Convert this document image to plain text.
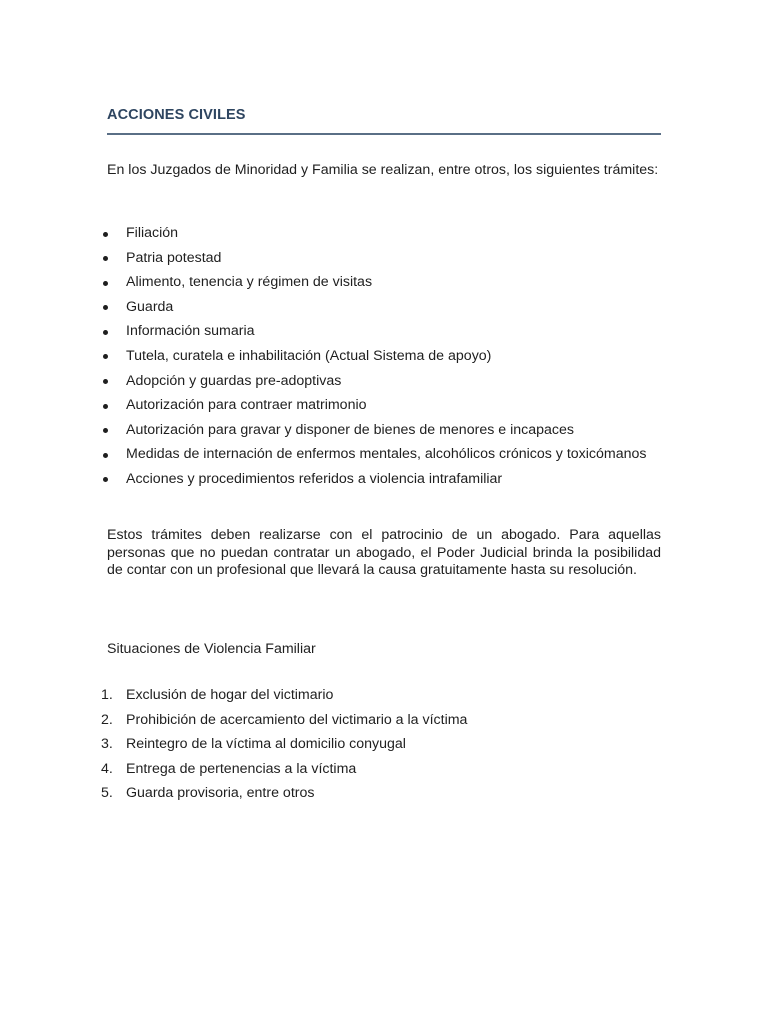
ACCIONES CIVILES
En los Juzgados de Minoridad y Familia se realizan, entre otros, los siguientes trámites:
Filiación
Patria potestad
Alimento, tenencia y régimen de visitas
Guarda
Información sumaria
Tutela, curatela e inhabilitación (Actual Sistema de apoyo)
Adopción y guardas pre-adoptivas
Autorización para contraer matrimonio
Autorización para gravar y disponer de bienes de menores e incapaces
Medidas de internación de enfermos mentales, alcohólicos crónicos y toxicómanos
Acciones y procedimientos referidos a violencia intrafamiliar
Estos trámites deben realizarse con el patrocinio de un abogado. Para aquellas personas que no puedan contratar un abogado, el Poder Judicial brinda la posibilidad de contar con un profesional que llevará la causa gratuitamente hasta su resolución.
Situaciones de Violencia Familiar
1. Exclusión de hogar del victimario
2. Prohibición de acercamiento del victimario a la víctima
3. Reintegro de la víctima al domicilio conyugal
4. Entrega de pertenencias a la víctima
5. Guarda provisoria, entre otros
